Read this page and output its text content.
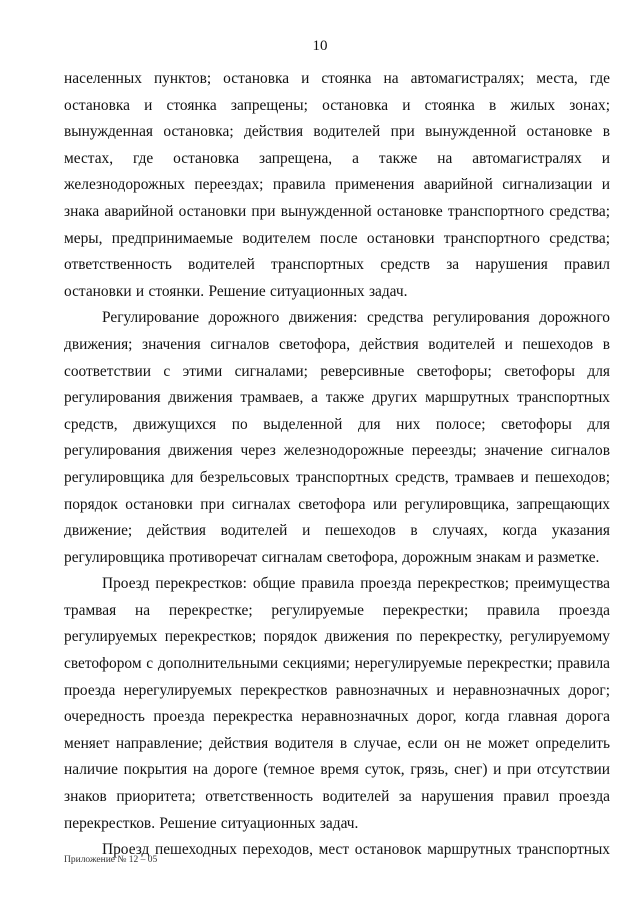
10

населенных пунктов; остановка и стоянка на автомагистралях; места, где остановка и стоянка запрещены; остановка и стоянка в жилых зонах; вынужденная остановка; действия водителей при вынужденной остановке в местах, где остановка запрещена, а также на автомагистралях и железнодорожных переездах; правила применения аварийной сигнализации и знака аварийной остановки при вынужденной остановке транспортного средства; меры, предпринимаемые водителем после остановки транспортного средства; ответственность водителей транспортных средств за нарушения правил остановки и стоянки. Решение ситуационных задач.

Регулирование дорожного движения: средства регулирования дорожного движения; значения сигналов светофора, действия водителей и пешеходов в соответствии с этими сигналами; реверсивные светофоры; светофоры для регулирования движения трамваев, а также других маршрутных транспортных средств, движущихся по выделенной для них полосе; светофоры для регулирования движения через железнодорожные переезды; значение сигналов регулировщика для безрельсовых транспортных средств, трамваев и пешеходов; порядок остановки при сигналах светофора или регулировщика, запрещающих движение; действия водителей и пешеходов в случаях, когда указания регулировщика противоречат сигналам светофора, дорожным знакам и разметке.

Проезд перекрестков: общие правила проезда перекрестков; преимущества трамвая на перекрестке; регулируемые перекрестки; правила проезда регулируемых перекрестков; порядок движения по перекрестку, регулируемому светофором с дополнительными секциями; нерегулируемые перекрестки; правила проезда нерегулируемых перекрестков равнозначных и неравнозначных дорог; очередность проезда перекрестка неравнозначных дорог, когда главная дорога меняет направление; действия водителя в случае, если он не может определить наличие покрытия на дороге (темное время суток, грязь, снег) и при отсутствии знаков приоритета; ответственность водителей за нарушения правил проезда перекрестков. Решение ситуационных задач.

Проезд пешеходных переходов, мест остановок маршрутных транспортных

Приложение № 12 – 05
